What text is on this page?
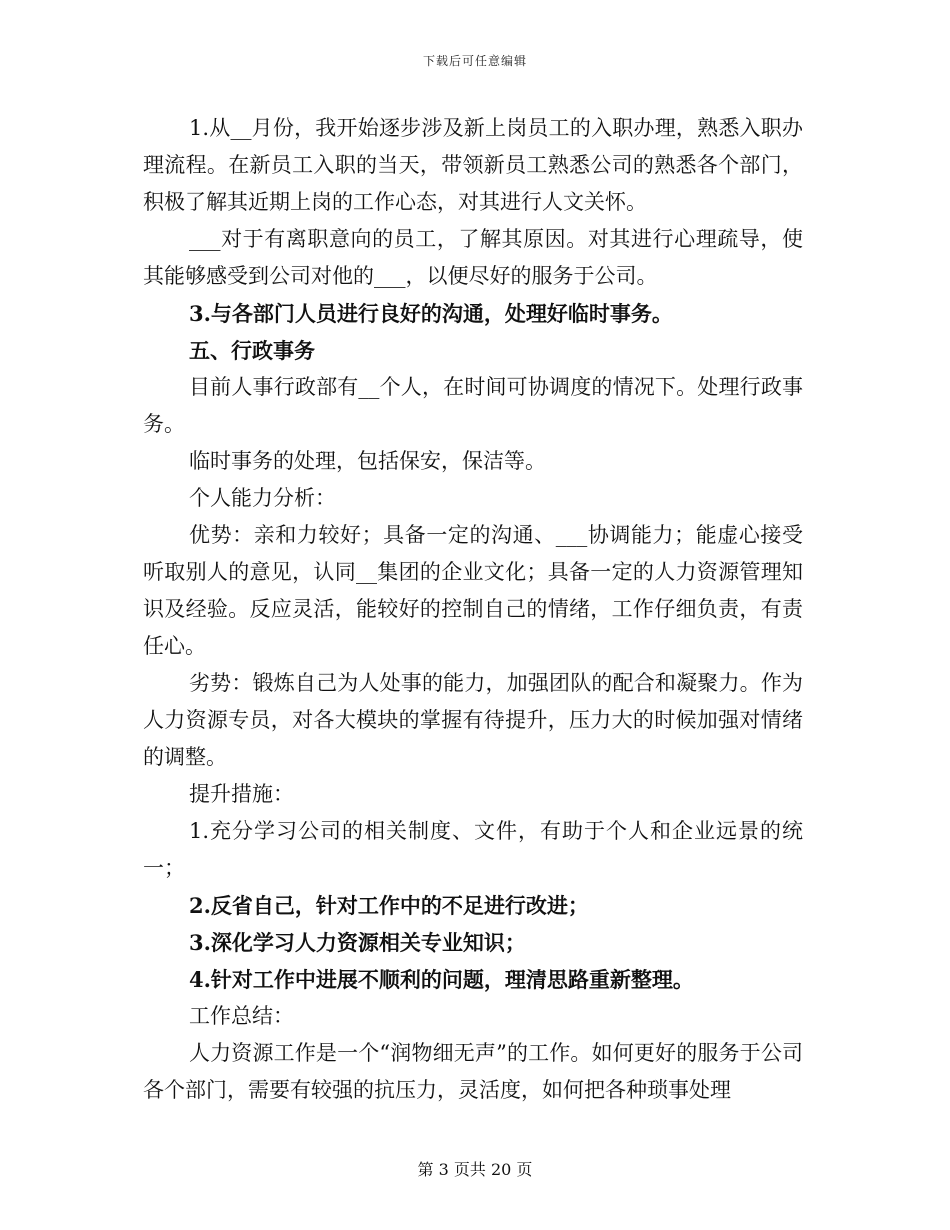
下载后可任意编辑

1.从__月份，我开始逐步涉及新上岗员工的入职办理，熟悉入职办理流程。在新员工入职的当天，带领新员工熟悉公司的熟悉各个部门，积极了解其近期上岗的工作心态，对其进行人文关怀。

___对于有离职意向的员工，了解其原因。对其进行心理疏导，使其能够感受到公司对他的___，以便尽好的服务于公司。

3.与各部门人员进行良好的沟通，处理好临时事务。

五、行政事务

目前人事行政部有__个人，在时间可协调度的情况下。处理行政事务。

临时事务的处理，包括保安，保洁等。

个人能力分析：

优势：亲和力较好；具备一定的沟通、___协调能力；能虚心接受听取别人的意见，认同__集团的企业文化；具备一定的人力资源管理知识及经验。反应灵活，能较好的控制自己的情绪，工作仔细负责，有责任心。

劣势：锻炼自己为人处事的能力，加强团队的配合和凝聚力。作为人力资源专员，对各大模块的掌握有待提升，压力大的时候加强对情绪的调整。

提升措施：

1.充分学习公司的相关制度、文件，有助于个人和企业远景的统一；

2.反省自己，针对工作中的不足进行改进；

3.深化学习人力资源相关专业知识；

4.针对工作中进展不顺利的问题，理清思路重新整理。

工作总结：

人力资源工作是一个“润物细无声”的工作。如何更好的服务于公司各个部门，需要有较强的抗压力，灵活度，如何把各种琐事处理

第 3 页共 20 页
